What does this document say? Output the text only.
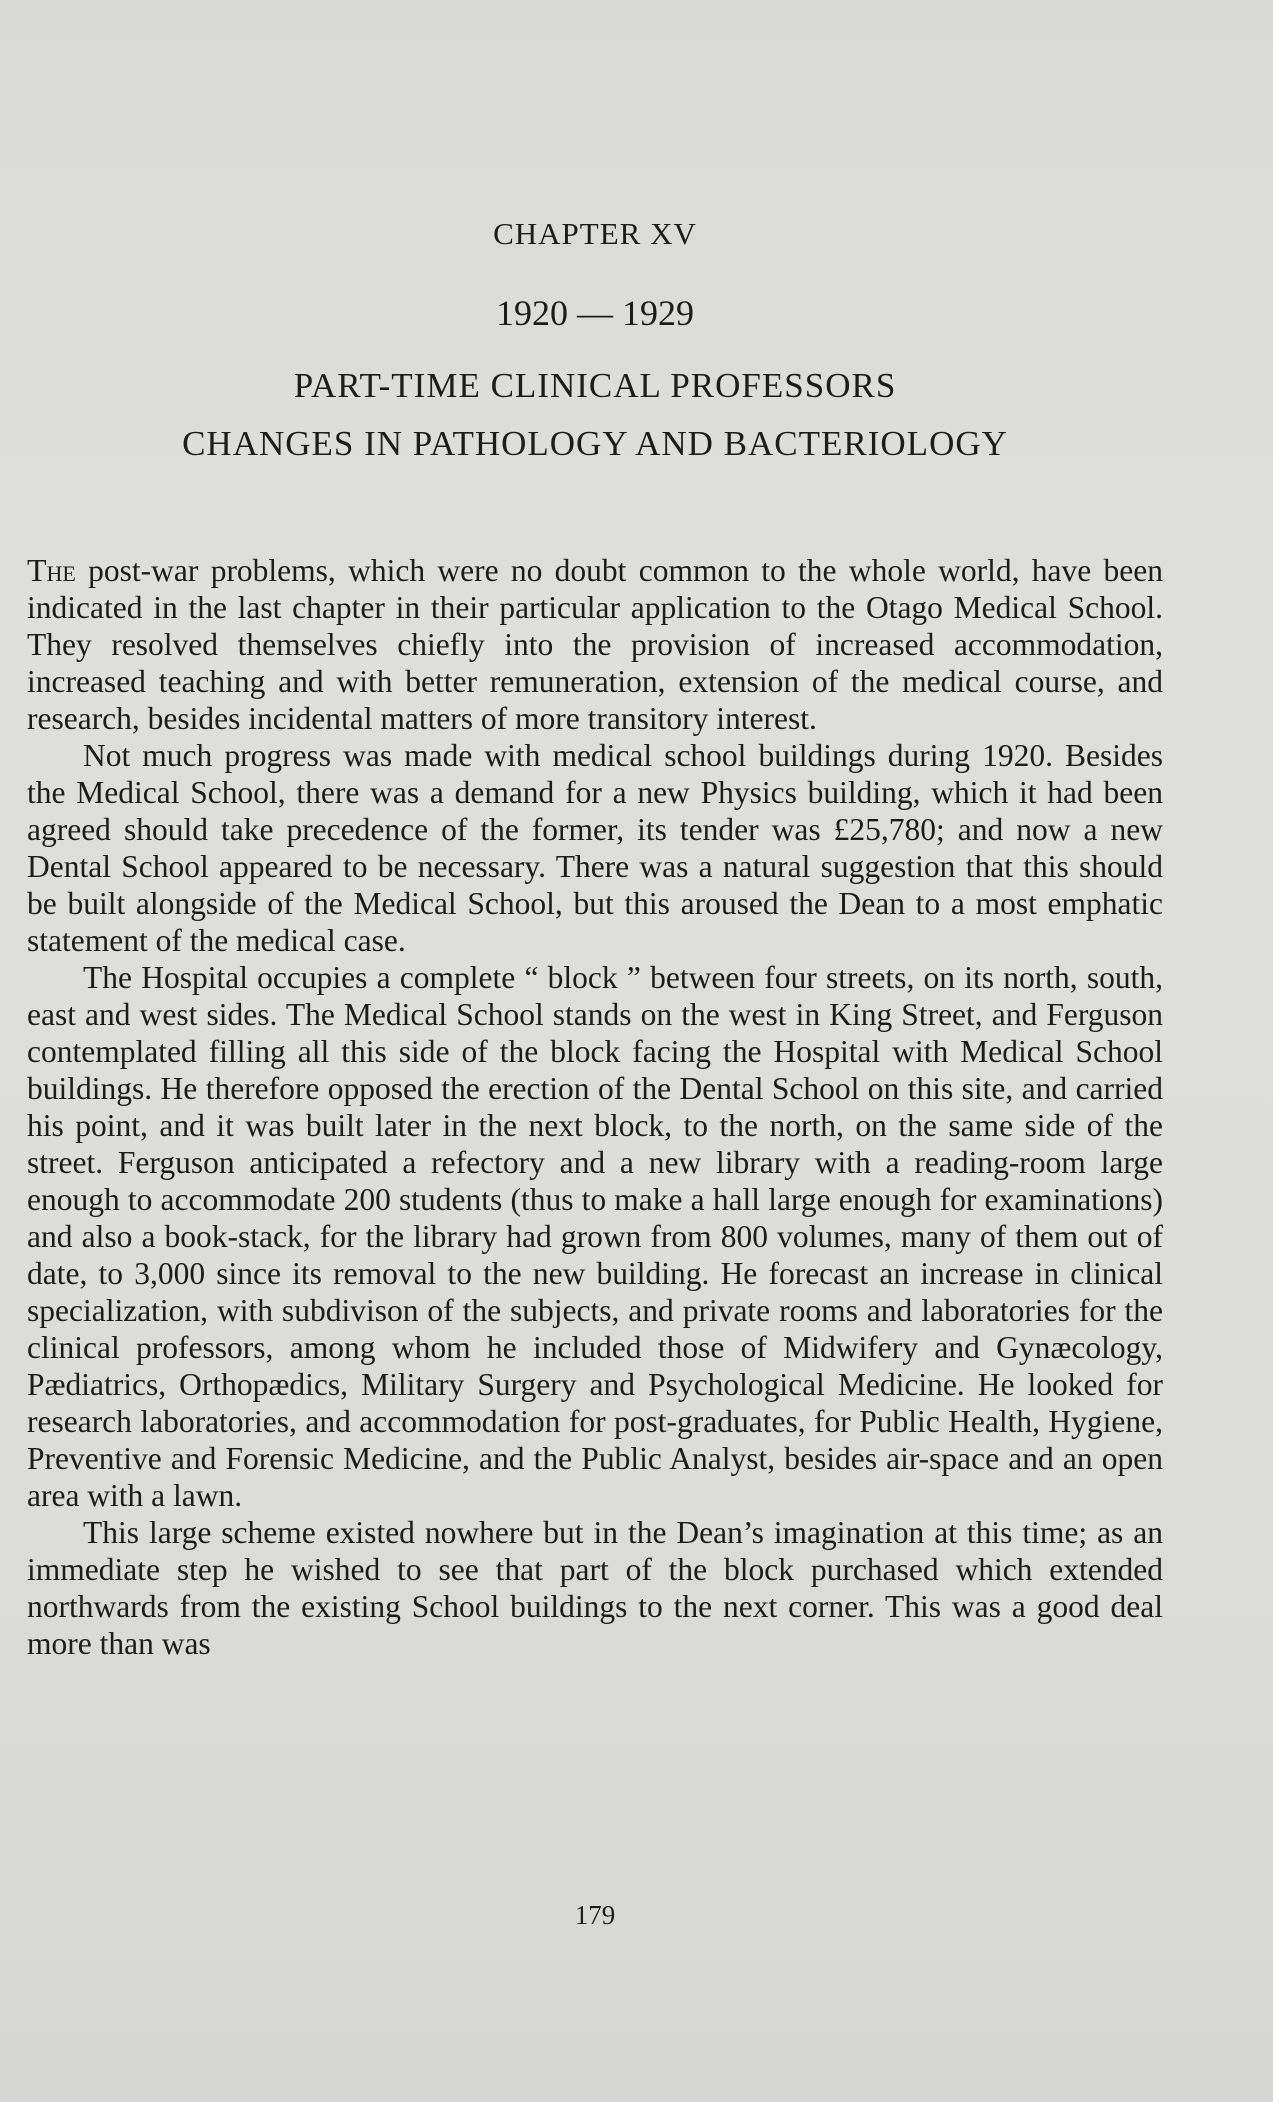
CHAPTER XV
1920 — 1929
PART-TIME CLINICAL PROFESSORS
CHANGES IN PATHOLOGY AND BACTERIOLOGY

The post-war problems, which were no doubt common to the whole world, have been indicated in the last chapter in their particular application to the Otago Medical School. They resolved themselves chiefly into the provision of increased accommodation, increased teaching and with better remuneration, extension of the medical course, and research, besides incidental matters of more transitory interest.

Not much progress was made with medical school buildings during 1920. Besides the Medical School, there was a demand for a new Physics building, which it had been agreed should take precedence of the former, its tender was £25,780; and now a new Dental School appeared to be necessary. There was a natural suggestion that this should be built alongside of the Medical School, but this aroused the Dean to a most emphatic statement of the medical case.

The Hospital occupies a complete “ block ” between four streets, on its north, south, east and west sides. The Medical School stands on the west in King Street, and Ferguson contemplated filling all this side of the block facing the Hospital with Medical School buildings. He therefore opposed the erection of the Dental School on this site, and carried his point, and it was built later in the next block, to the north, on the same side of the street. Ferguson anticipated a refectory and a new library with a reading-room large enough to accommodate 200 students (thus to make a hall large enough for examinations) and also a book-stack, for the library had grown from 800 volumes, many of them out of date, to 3,000 since its removal to the new building. He forecast an increase in clinical specialization, with subdivison of the subjects, and private rooms and laboratories for the clinical professors, among whom he included those of Midwifery and Gynæcology, Pædiatrics, Orthopædics, Military Surgery and Psychological Medicine. He looked for research laboratories, and accommodation for post-graduates, for Public Health, Hygiene, Preventive and Forensic Medicine, and the Public Analyst, besides air-space and an open area with a lawn.

This large scheme existed nowhere but in the Dean’s imagination at this time; as an immediate step he wished to see that part of the block purchased which extended northwards from the existing School buildings to the next corner. This was a good deal more than was

179
